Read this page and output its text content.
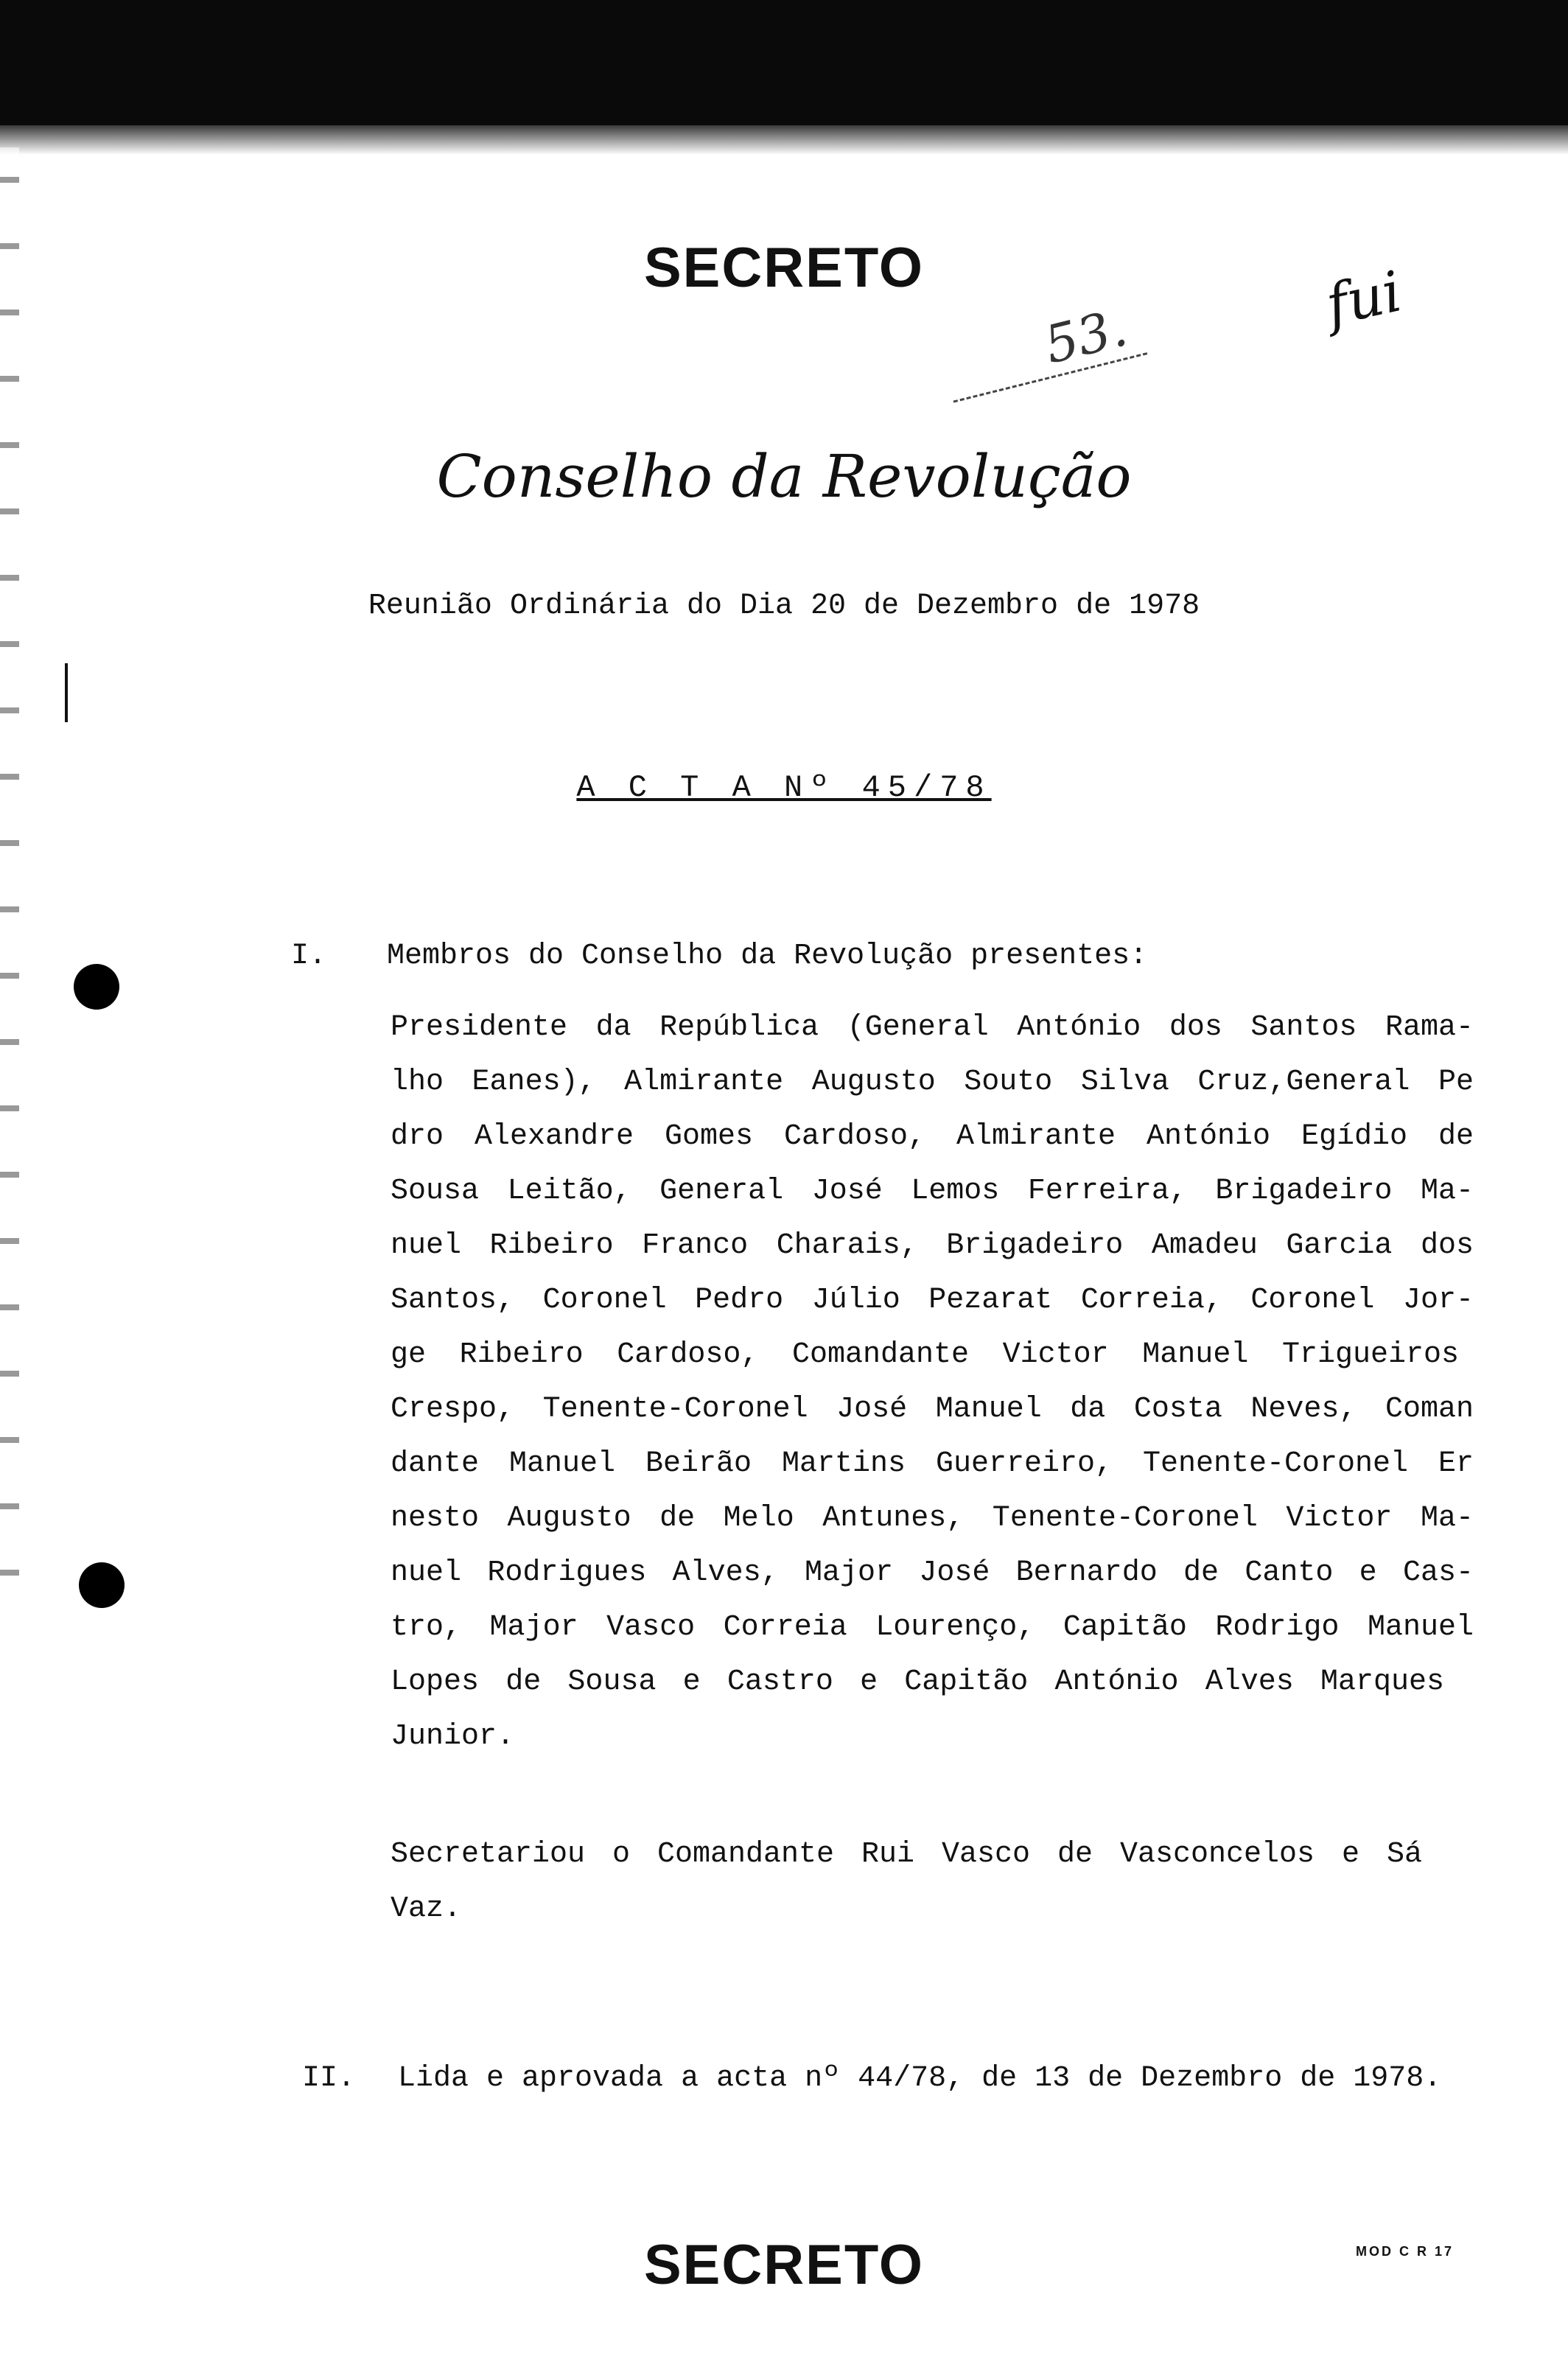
SECRETO	fui
53.
Conselho da Revolução
Reunião Ordinária do Dia 20 de Dezembro de 1978
A C T A Nº 45/78
I. Membros do Conselho da Revolução presentes:
Presidente da República (General António dos Santos Rama-
lho Eanes), Almirante Augusto Souto Silva Cruz,General Pe
dro Alexandre Gomes Cardoso, Almirante António Egídio de
Sousa Leitão, General José Lemos Ferreira, Brigadeiro Ma-
nuel Ribeiro Franco Charais, Brigadeiro Amadeu Garcia dos
Santos, Coronel Pedro Júlio Pezarat Correia, Coronel Jor-
ge Ribeiro Cardoso, Comandante Victor Manuel Trigueiros
Crespo, Tenente-Coronel José Manuel da Costa Neves, Coman
dante Manuel Beirão Martins Guerreiro, Tenente-Coronel Er
nesto Augusto de Melo Antunes, Tenente-Coronel Victor Ma-
nuel Rodrigues Alves, Major José Bernardo de Canto e Cas-
tro, Major Vasco Correia Lourenço, Capitão Rodrigo Manuel
Lopes de Sousa e Castro e Capitão António Alves Marques
Junior.
Secretariou o Comandante Rui Vasco de Vasconcelos e Sá
Vaz.
II. Lida e aprovada a acta nº 44/78, de 13 de Dezembro de 1978.
SECRETO	MOD C R 17
